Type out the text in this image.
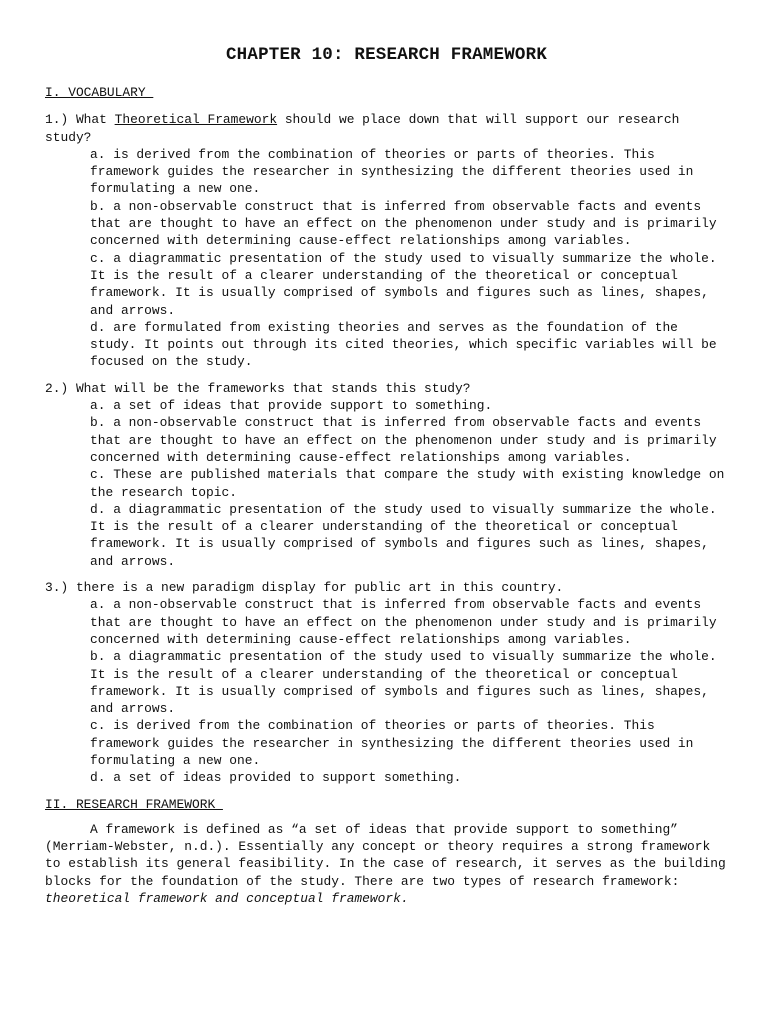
CHAPTER 10: RESEARCH FRAMEWORK
I. VOCABULARY

1.) What Theoretical Framework should we place down that will support our research study?

a. is derived from the combination of theories or parts of theories. This framework guides the researcher in synthesizing the different theories used in formulating a new one.
b. a non-observable construct that is inferred from observable facts and events that are thought to have an effect on the phenomenon under study and is primarily concerned with determining cause-effect relationships among variables.
c. a diagrammatic presentation of the study used to visually summarize the whole. It is the result of a clearer understanding of the theoretical or conceptual framework. It is usually comprised of symbols and figures such as lines, shapes, and arrows.
d. are formulated from existing theories and serves as the foundation of the study. It points out through its cited theories, which specific variables will be focused on the study.

2.) What will be the frameworks that stands this study?

a. a set of ideas that provide support to something.
b. a non-observable construct that is inferred from observable facts and events that are thought to have an effect on the phenomenon under study and is primarily concerned with determining cause-effect relationships among variables.
c. These are published materials that compare the study with existing knowledge on the research topic.
d. a diagrammatic presentation of the study used to visually summarize the whole. It is the result of a clearer understanding of the theoretical or conceptual framework. It is usually comprised of symbols and figures such as lines, shapes, and arrows.

3.) there is a new paradigm display for public art in this country.

a. a non-observable construct that is inferred from observable facts and events that are thought to have an effect on the phenomenon under study and is primarily concerned with determining cause-effect relationships among variables.
b. a diagrammatic presentation of the study used to visually summarize the whole. It is the result of a clearer understanding of the theoretical or conceptual framework. It is usually comprised of symbols and figures such as lines, shapes, and arrows.
c. is derived from the combination of theories or parts of theories. This framework guides the researcher in synthesizing the different theories used in formulating a new one.
d. a set of ideas provided to support something.
II. RESEARCH FRAMEWORK

A framework is defined as “a set of ideas that provide support to something” (Merriam-Webster, n.d.). Essentially any concept or theory requires a strong framework to establish its general feasibility. In the case of research, it serves as the building blocks for the foundation of the study. There are two types of research framework: theoretical framework and conceptual framework.
